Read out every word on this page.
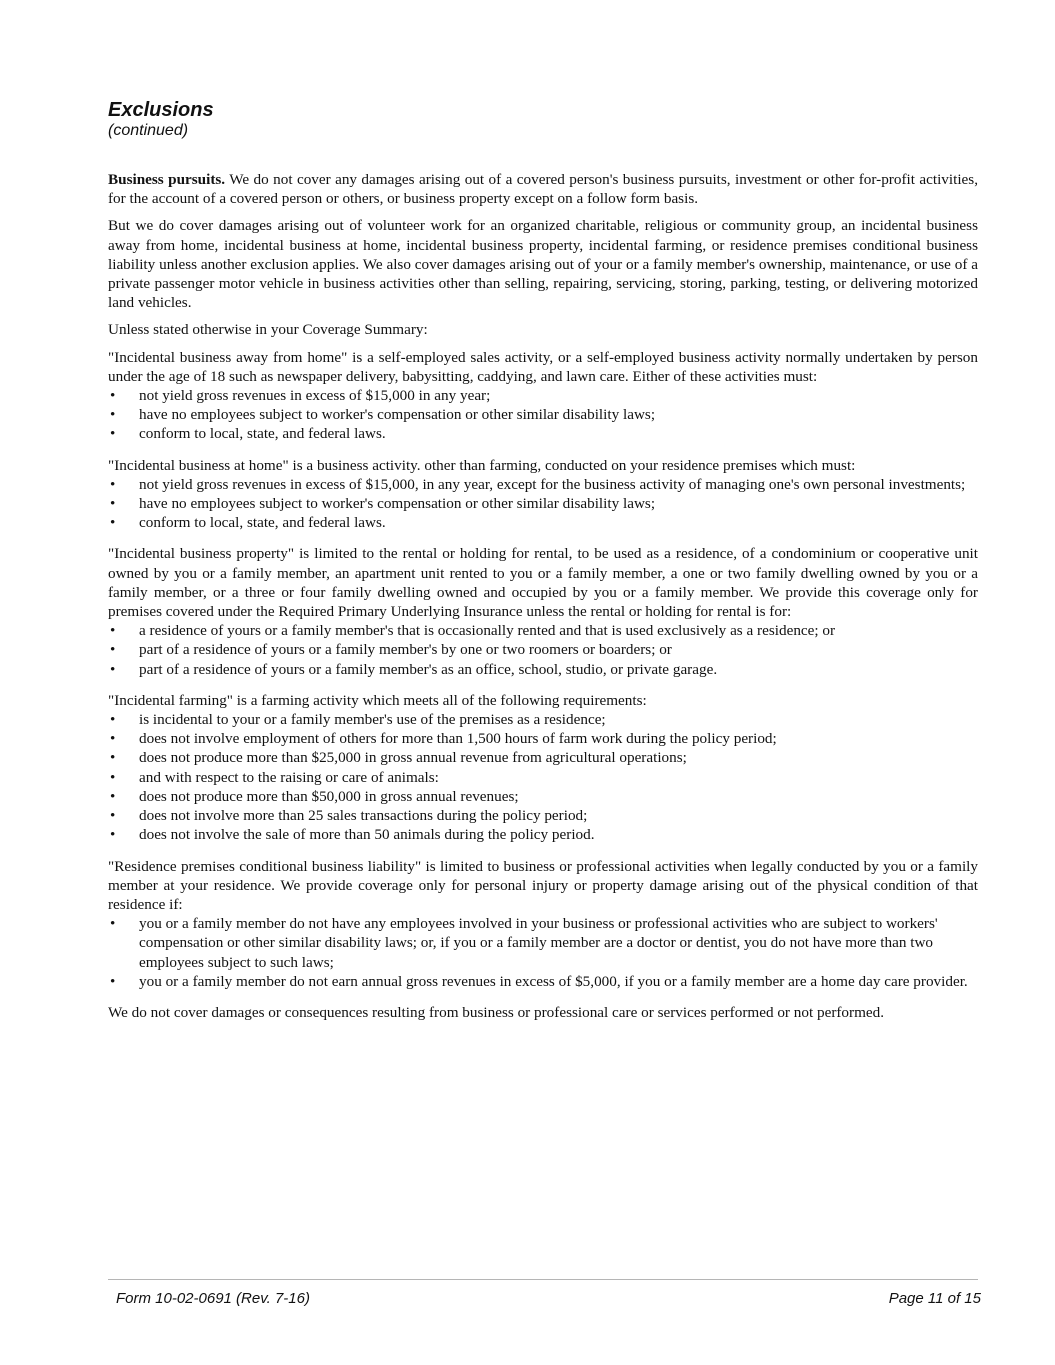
Exclusions
(continued)

Business pursuits. We do not cover any damages arising out of a covered person's business pursuits, investment or other for-profit activities, for the account of a covered person or others, or business property except on a follow form basis.

But we do cover damages arising out of volunteer work for an organized charitable, religious or community group, an incidental business away from home, incidental business at home, incidental business property, incidental farming, or residence premises conditional business liability unless another exclusion applies. We also cover damages arising out of your or a family member's ownership, maintenance, or use of a private passenger motor vehicle in business activities other than selling, repairing, servicing, storing, parking, testing, or delivering motorized land vehicles.

Unless stated otherwise in your Coverage Summary:

"Incidental business away from home" is a self-employed sales activity, or a self-employed business activity normally undertaken by person under the age of 18 such as newspaper delivery, babysitting, caddying, and lawn care. Either of these activities must:

• not yield gross revenues in excess of $15,000 in any year;
• have no employees subject to worker's compensation or other similar disability laws;
• conform to local, state, and federal laws.

"Incidental business at home" is a business activity. other than farming, conducted on your residence premises which must:

• not yield gross revenues in excess of $15,000, in any year, except for the business activity of managing one's own personal investments;
• have no employees subject to worker's compensation or other similar disability laws;
• conform to local, state, and federal laws.

"Incidental business property" is limited to the rental or holding for rental, to be used as a residence, of a condominium or cooperative unit owned by you or a family member, an apartment unit rented to you or a family member, a one or two family dwelling owned by you or a family member, or a three or four family dwelling owned and occupied by you or a family member. We provide this coverage only for premises covered under the Required Primary Underlying Insurance unless the rental or holding for rental is for:

• a residence of yours or a family member's that is occasionally rented and that is used exclusively as a residence; or
• part of a residence of yours or a family member's by one or two roomers or boarders; or
• part of a residence of yours or a family member's as an office, school, studio, or private garage.

"Incidental farming" is a farming activity which meets all of the following requirements:

• is incidental to your or a family member's use of the premises as a residence;
• does not involve employment of others for more than 1,500 hours of farm work during the policy period;
• does not produce more than $25,000 in gross annual revenue from agricultural operations;
• and with respect to the raising or care of animals:
• does not produce more than $50,000 in gross annual revenues;
• does not involve more than 25 sales transactions during the policy period;
• does not involve the sale of more than 50 animals during the policy period.

"Residence premises conditional business liability" is limited to business or professional activities when legally conducted by you or a family member at your residence. We provide coverage only for personal injury or property damage arising out of the physical condition of that residence if:

• you or a family member do not have any employees involved in your business or professional activities who are subject to workers' compensation or other similar disability laws; or, if you or a family member are a doctor or dentist, you do not have more than two employees subject to such laws;
• you or a family member do not earn annual gross revenues in excess of $5,000, if you or a family member are a home day care provider.

We do not cover damages or consequences resulting from business or professional care or services performed or not performed.

Form 10-02-0691 (Rev. 7-16)	Page 11 of 15
